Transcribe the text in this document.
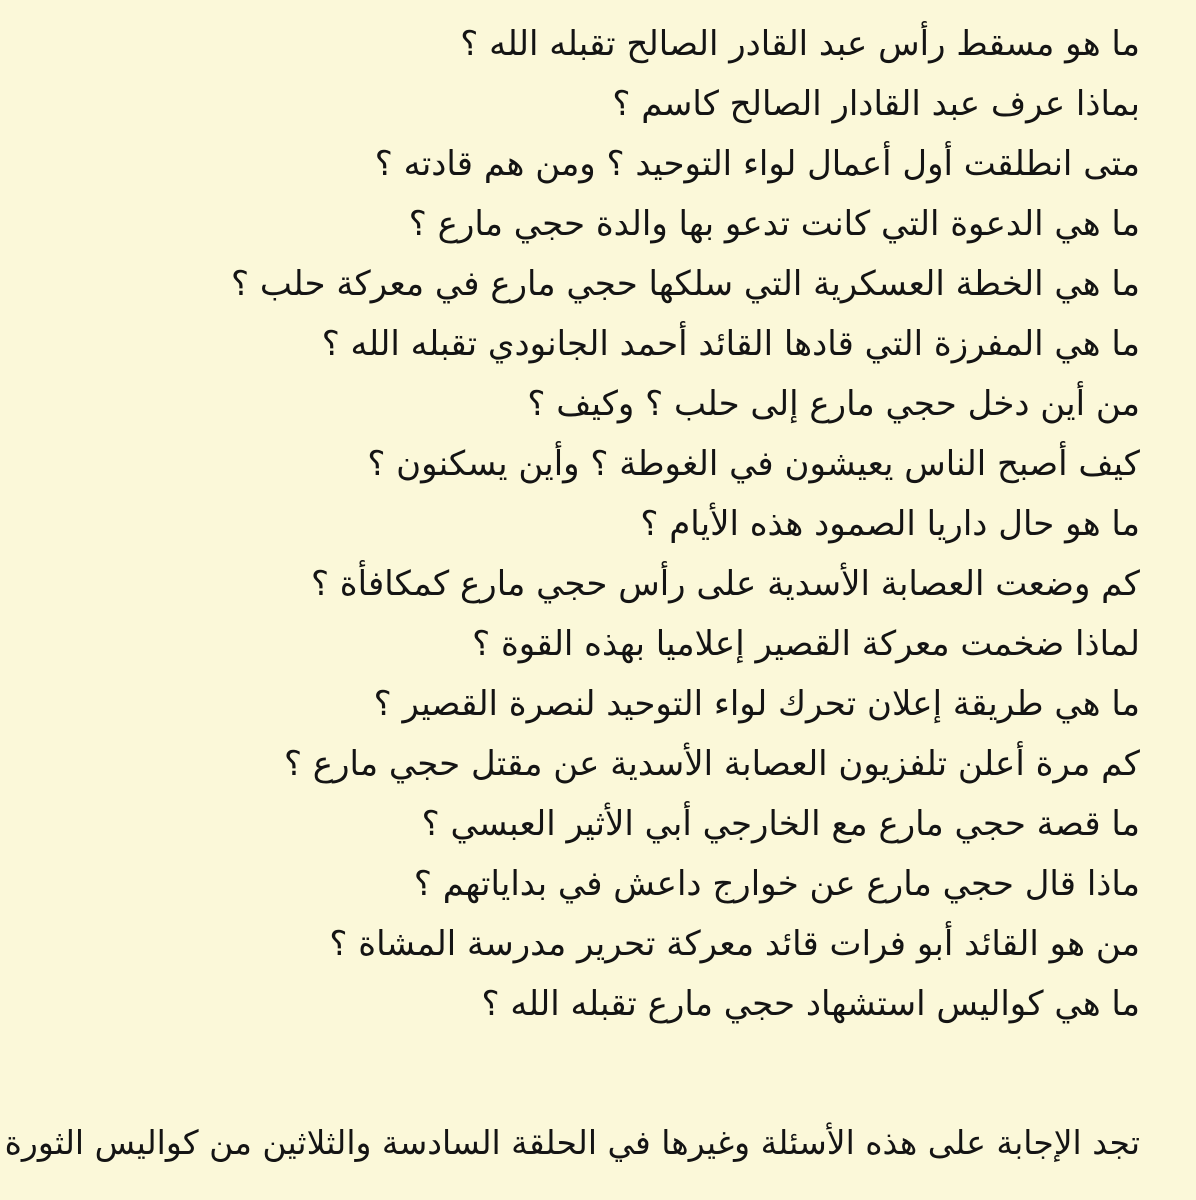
ما هو مسقط رأس عبد القادر الصالح تقبله الله ؟
بماذا عرف عبد القادار الصالح كاسم ؟
متى انطلقت أول أعمال لواء التوحيد ؟ ومن هم قادته ؟
ما هي الدعوة التي كانت تدعو بها والدة حجي مارع ؟
ما هي الخطة العسكرية التي سلكها حجي مارع في معركة حلب ؟
ما هي المفرزة التي قادها القائد أحمد الجانودي تقبله الله ؟
من أين دخل حجي مارع إلى حلب ؟ وكيف ؟
كيف أصبح الناس يعيشون في الغوطة ؟ وأين يسكنون ؟
ما هو حال داريا الصمود هذه الأيام ؟
كم وضعت العصابة الأسدية على رأس حجي مارع كمكافأة ؟
لماذا ضخمت معركة القصير إعلاميا بهذه القوة ؟
ما هي طريقة إعلان تحرك لواء التوحيد لنصرة القصير ؟
كم مرة أعلن تلفزيون العصابة الأسدية عن مقتل حجي مارع ؟
ما قصة حجي مارع مع الخارجي أبي الأثير العبسي ؟
ماذا قال حجي مارع عن خوارج داعش في بداياتهم ؟
من هو القائد أبو فرات قائد معركة تحرير مدرسة المشاة ؟
ما هي كواليس استشهاد حجي مارع تقبله الله ؟

تجد الإجابة على هذه الأسئلة وغيرها في الحلقة السادسة والثلاثين من كواليس الثورة
